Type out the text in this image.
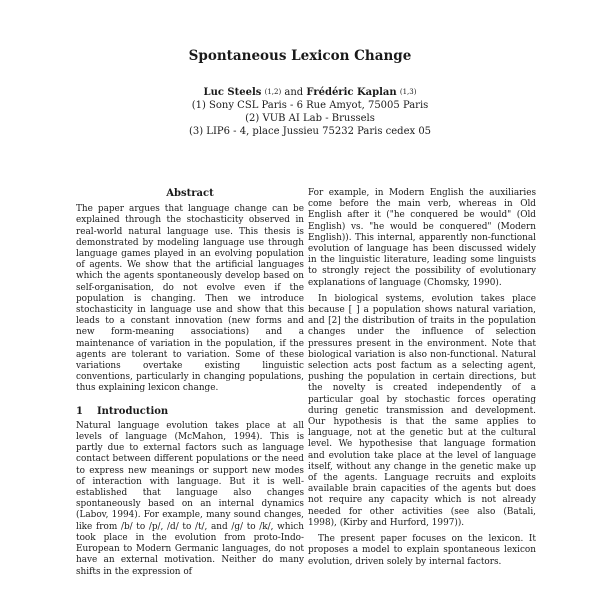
Spontaneous Lexicon Change
Luc Steels $^{(1,2)}$ and Frédéric Kaplan $^{(1,3)}$
(1) Sony CSL Paris - 6 Rue Amyot, 75005 Paris
(2) VUB AI Lab - Brussels
(3) LIP6 - 4, place Jussieu 75232 Paris cedex 05
Abstract

The paper argues that language change can be explained through the stochasticity observed in real-world natural language use. This thesis is demonstrated by modeling language use through language games played in an evolving population of agents. We show that the artificial languages which the agents spontaneously develop based on self-organisation, do not evolve even if the population is changing. Then we introduce stochasticity in language use and show that this leads to a constant innovation (new forms and new form-meaning associations) and a maintenance of variation in the population, if the agents are tolerant to variation. Some of these variations overtake existing linguistic conventions, particularly in changing populations, thus explaining lexicon change.

1 Introduction

Natural language evolution takes place at all levels of language (McMahon, 1994). This is partly due to external factors such as language contact between different populations or the need to express new meanings or support new modes of interaction with language. But it is well-established that language also changes spontaneously based on an internal dynamics (Labov, 1994). For example, many sound changes, like from /b/ to /p/, /d/ to /t/, and /g/ to /k/, which took place in the evolution from proto-Indo-European to Modern Germanic languages, do not have an external motivation. Neither do many shifts in the expression of

For example, in Modern English the auxiliaries come before the main verb, whereas in Old English after it ("he conquered be would" (Old English) vs. "he would be conquered" (Modern English)). This internal, apparently non-functional evolution of language has been discussed widely in the linguistic literature, leading some linguists to strongly reject the possibility of evolutionary explanations of language (Chomsky, 1990).

In biological systems, evolution takes place because [ ] a population shows natural variation, and [2] the distribution of traits in the population changes under the influence of selection pressures present in the environment. Note that biological variation is also non-functional. Natural selection acts post factum as a selecting agent, pushing the population in certain directions, but the novelty is created independently of a particular goal by stochastic forces operating during genetic transmission and development. Our hypothesis is that the same applies to language, not at the genetic but at the cultural level. We hypothesise that language formation and evolution take place at the level of language itself, without any change in the genetic make up of the agents. Language recruits and exploits available brain capacities of the agents but does not require any capacity which is not already needed for other activities (see also (Batali, 1998), (Kirby and Hurford, 1997)).

The present paper focuses on the lexicon. It proposes a model to explain spontaneous lexicon evolution, driven solely by internal factors.
